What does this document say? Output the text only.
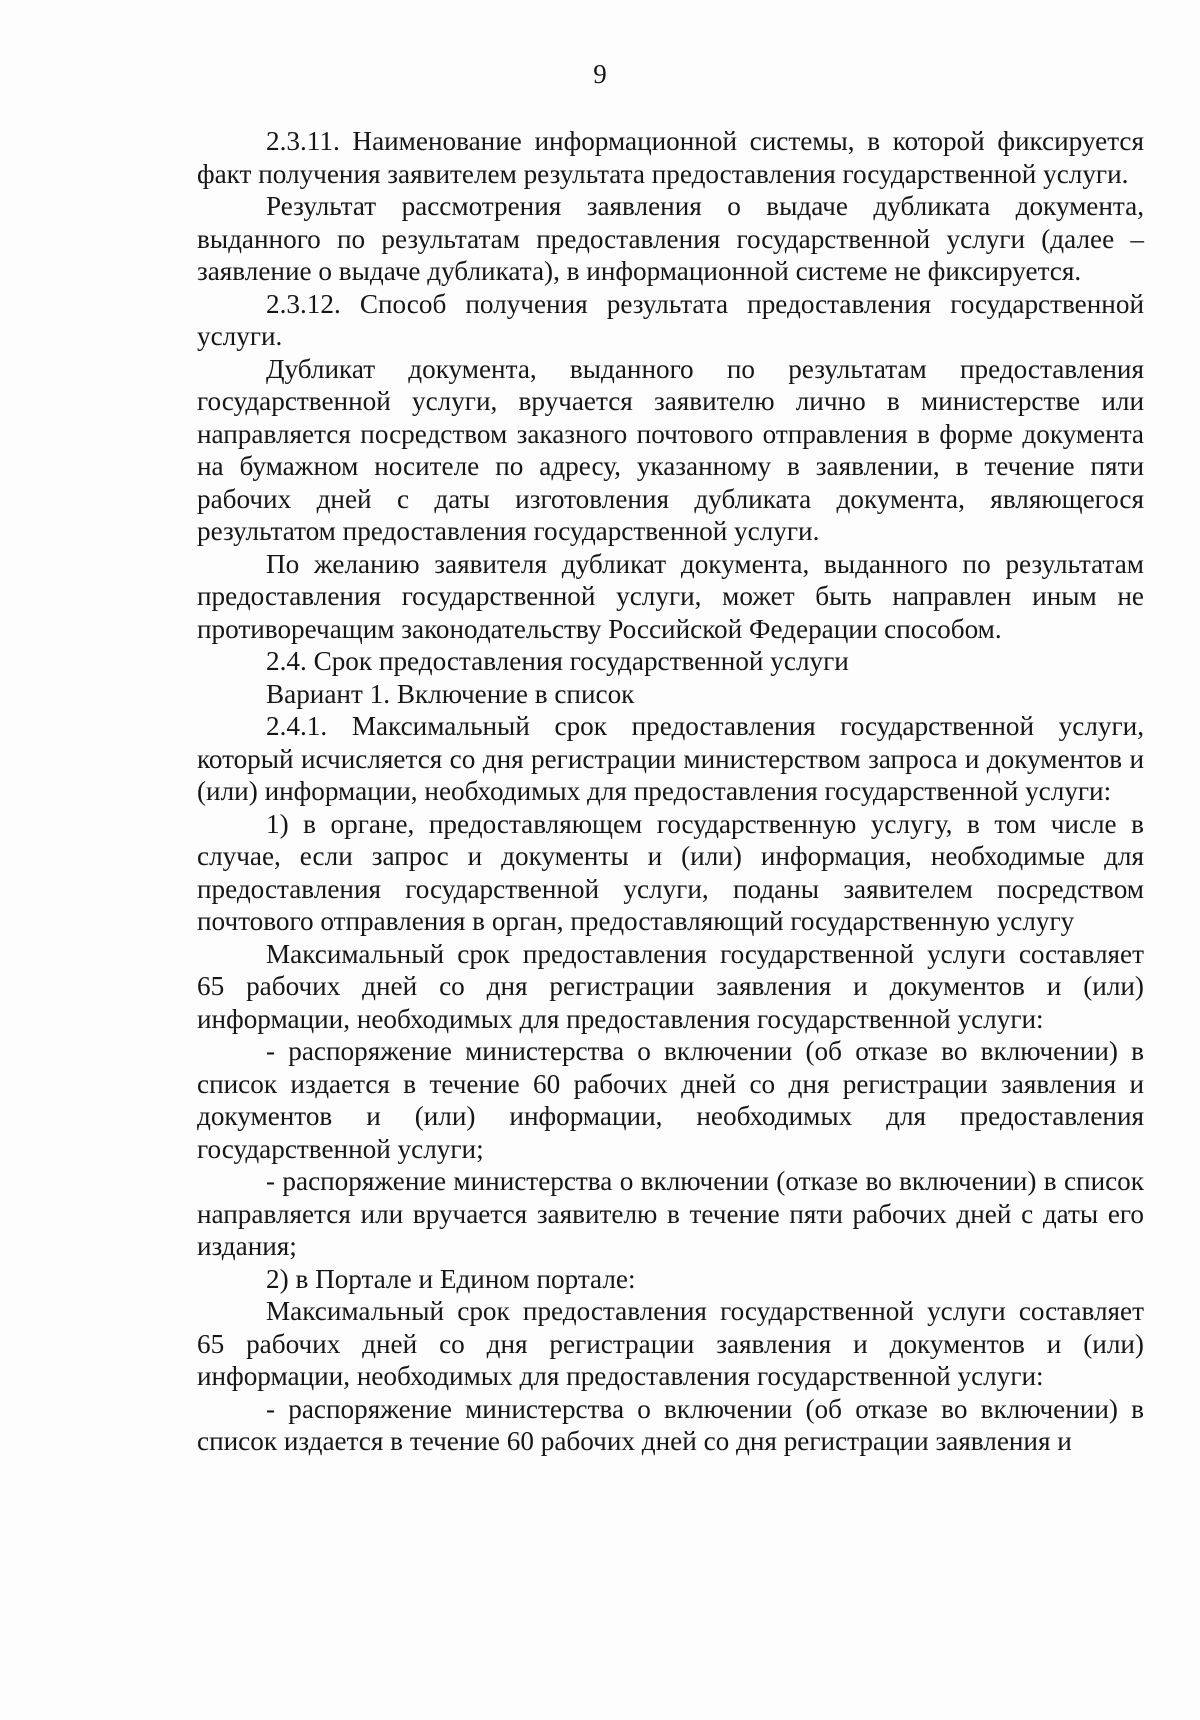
9

2.3.11. Наименование информационной системы, в которой фиксируется факт получения заявителем результата предоставления государственной услуги.

Результат рассмотрения заявления о выдаче дубликата документа, выданного по результатам предоставления государственной услуги (далее – заявление о выдаче дубликата), в информационной системе не фиксируется.

2.3.12. Способ получения результата предоставления государственной услуги.

Дубликат документа, выданного по результатам предоставления государственной услуги, вручается заявителю лично в министерстве или направляется посредством заказного почтового отправления в форме документа на бумажном носителе по адресу, указанному в заявлении, в течение пяти рабочих дней с даты изготовления дубликата документа, являющегося результатом предоставления государственной услуги.

По желанию заявителя дубликат документа, выданного по результатам предоставления государственной услуги, может быть направлен иным не противоречащим законодательству Российской Федерации способом.

2.4. Срок предоставления государственной услуги

Вариант 1. Включение в список

2.4.1. Максимальный срок предоставления государственной услуги, который исчисляется со дня регистрации министерством запроса и документов и (или) информации, необходимых для предоставления государственной услуги:

1) в органе, предоставляющем государственную услугу, в том числе в случае, если запрос и документы и (или) информация, необходимые для предоставления государственной услуги, поданы заявителем посредством почтового отправления в орган, предоставляющий государственную услугу

Максимальный срок предоставления государственной услуги составляет 65 рабочих дней со дня регистрации заявления и документов и (или) информации, необходимых для предоставления государственной услуги:

- распоряжение министерства о включении (об отказе во включении) в список издается в течение 60 рабочих дней со дня регистрации заявления и документов и (или) информации, необходимых для предоставления государственной услуги;

- распоряжение министерства о включении (отказе во включении) в список направляется или вручается заявителю в течение пяти рабочих дней с даты его издания;

2) в Портале и Едином портале:

Максимальный срок предоставления государственной услуги составляет 65 рабочих дней со дня регистрации заявления и документов и (или) информации, необходимых для предоставления государственной услуги:

- распоряжение министерства о включении (об отказе во включении) в список издается в течение 60 рабочих дней со дня регистрации заявления и
